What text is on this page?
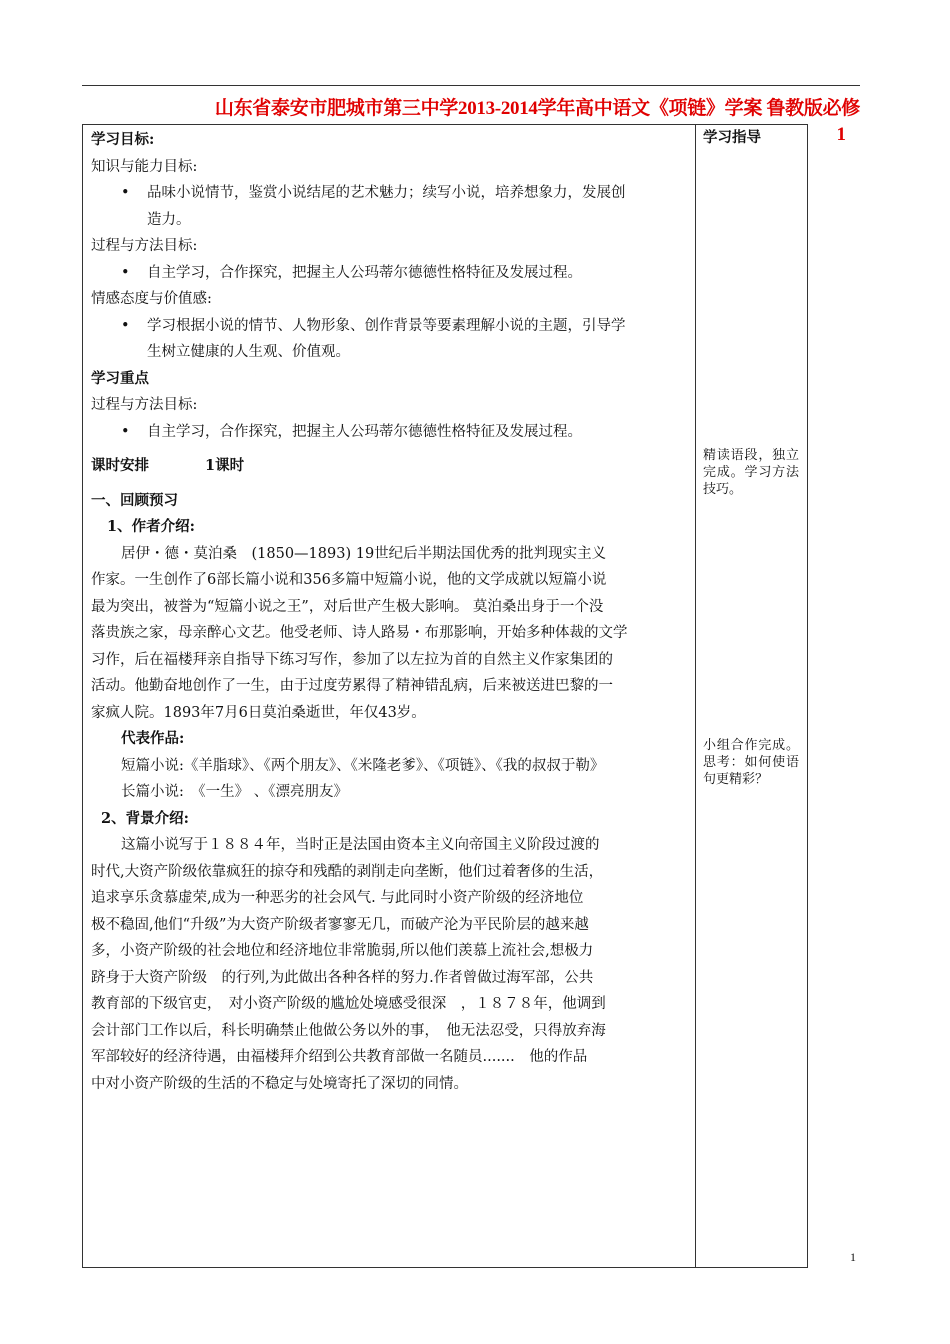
山东省泰安市肥城市第三中学2013-2014学年高中语文《项链》学案 鲁教版必修
1
学习目标:
知识与能力目标:
• 品味小说情节，鉴赏小说结尾的艺术魅力；续写小说，培养想象力，发展创
造力。
过程与方法目标:
• 自主学习，合作探究，把握主人公玛蒂尔德德性格特征及发展过程。
情感态度与价值感:
• 学习根据小说的情节、人物形象、创作背景等要素理解小说的主题，引导学
生树立健康的人生观、价值观。
学习重点
过程与方法目标:
• 自主学习，合作探究，把握主人公玛蒂尔德德性格特征及发展过程。
课时安排	1课时
一、回顾预习
1、作者介绍:
居伊・德・莫泊桑　(1850—1893) 19世纪后半期法国优秀的批判现实主义
作家。一生创作了6部长篇小说和356多篇中短篇小说，他的文学成就以短篇小说
最为突出，被誉为“短篇小说之王”，对后世产生极大影响。 莫泊桑出身于一个没
落贵族之家，母亲醉心文艺。他受老师、诗人路易・布那影响，开始多种体裁的文学
习作，后在福楼拜亲自指导下练习写作，参加了以左拉为首的自然主义作家集团的
活动。他勤奋地创作了一生，由于过度劳累得了精神错乱病，后来被送进巴黎的一
家疯人院。1893年7月6日莫泊桑逝世，年仅43岁。
代表作品:
短篇小说:《羊脂球》、《两个朋友》、《米隆老爹》、《项链》、《我的叔叔于勒》
长篇小说:　《一生》 、《漂亮朋友》
2、背景介绍:
这篇小说写于１８８４年，当时正是法国由资本主义向帝国主义阶段过渡的
时代,大资产阶级依靠疯狂的掠夺和残酷的剥削走向垄断，他们过着奢侈的生活，
追求享乐贪慕虚荣,成为一种恶劣的社会风气. 与此同时小资产阶级的经济地位
极不稳固,他们“升级”为大资产阶级者寥寥无几，而破产沦为平民阶层的越来越
多，小资产阶级的社会地位和经济地位非常脆弱,所以他们羡慕上流社会,想极力
跻身于大资产阶级　的行列,为此做出各种各样的努力.作者曾做过海军部，公共
教育部的下级官吏，　对小资产阶级的尴尬处境感受很深　，１８７８年，他调到
会计部门工作以后，科长明确禁止他做公务以外的事，　他无法忍受，只得放弃海
军部较好的经济待遇，由福楼拜介绍到公共教育部做一名随员.......　他的作品
中对小资产阶级的生活的不稳定与处境寄托了深切的同情。
学习指导
精读语段，独立完成。学习方法技巧。
小组合作完成。思考：如何使语句更精彩？
1
